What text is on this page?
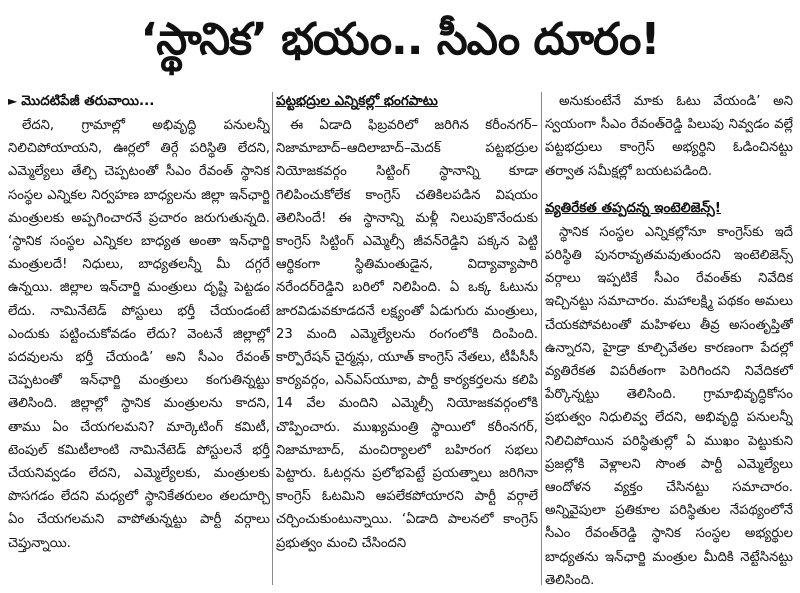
‘స్థానిక’ భయం.. సీఎం దూరం!
► మొదటిపేజీ తరువాయి...

లేదని, గ్రామాల్లో అభివృద్ధి పనులన్నీ నిలిచిపోయాయని, ఊర్లలో తిర్గే పరిస్థితి లేదని, ఎమ్మెల్యేలు తేల్చి చెప్పటంతో సీఎం రేవంత్ స్థానిక సంస్థల ఎన్నికల నిర్వహణ బాధ్యలను జిల్లా ఇన్‌ఛార్జి మంత్రులకు అప్పగించారనే ప్రచారం జరుగుతున్నది. ‘స్థానిక సంస్థల ఎన్నికల బాధ్యత అంతా ఇన్‌ఛార్జి మంత్రులదే! నిధులు, బాధ్యతలన్నీ మీ దగ్గరే ఉన్నయి. జిల్లాల ఇన్‌చార్జి మంత్రులు దృష్టి పెట్టడం లేదు. నామినేటెడ్ పోస్టులు భర్తీ చేయండంటే ఎందుకు పట్టించుకోవడం లేదు? వెంటనే జిల్లాల్లో పదవులను భర్తీ చేయండి’ అని సీఎం రేవంత్ చెప్పటంతో ఇన్‌ఛార్జి మంత్రులు కంగుతిన్నట్టు తెలిసింది. జిల్లాల్లో స్థానిక మంత్రులను కాదని, తాము ఏం చేయగలమని? మార్కెటింగ్ కమిటీ, టెంపుల్ కమిటీలాంటి నామినేటెడ్ పోస్టులనే భర్తీ చేయనివ్వడం లేదని, ఎమ్మెల్యేలకు, మంత్రులకు పొసగడం లేదని మధ్యలో స్థానికేతరులం తలదూర్చి ఏం చేయగలమని వాపోతున్నట్టు పార్టీ వర్గాలు చెప్తున్నాయి.

పట్టభద్రుల ఎన్నికల్లో భంగపాటు

ఈ ఏడాది ఫిబ్రవరిలో జరిగిన కరీంనగర్‌–నిజామాబాద్–ఆదిలాబాద్–మెదక్ పట్టభద్రుల నియోజకవర్గం సిట్టింగ్ స్థానాన్ని కూడా గెలిపించుకోలేక కాంగ్రెస్ చతికిలపడిన విషయం తెలిసిందే! ఈ స్థానాన్ని మళ్లీ నిలుపుకొనేందుకు కాంగ్రెస్ సిట్టింగ్ ఎమ్మెల్సీ జీవన్‌రెడ్డిని పక్కన పెట్టి ఆర్థికంగా స్థితిమంతుడైన, విద్యావ్యాపారి నరేందర్‌రెడ్డిని బరిలో నిలిపింది. ఏ ఒక్క ఓటును జారవిడువకూడదనే లక్ష్యంతో ఏడుగురు మంత్రులు, 23 మంది ఎమ్మెల్యేలను రంగంలోకి దింపింది. కార్పొరేషన్ చైర్మన్లు, యూత్ కాంగ్రెస్ నేతలు, టీపీసీసీ కార్యవర్గం, ఎన్‌ఎస్‌యూఐ, పార్టీ కార్యకర్తలను కలిపి 14 వేల మందిని ఎమ్మెల్సీ నియోజకవర్గంలోకి చొప్పించారు. ముఖ్యమంత్రి స్థాయిలో కరీంనగర్, నిజామాబాద్, మంచిర్యాలలో బహిరంగ సభలు పెట్టారు. ఓటర్లను ప్రలోభపెట్టే ప్రయత్నాలు జరిగినా కాంగ్రెస్ ఓటమిని ఆపలేకపోయారని పార్టీ వర్గాలే చర్చించుకుంటున్నాయి. ‘ఏడాది పాలనలో కాంగ్రెస్ ప్రభుత్వం మంచి చేసిందని

అనుకుంటేనే మాకు ఓటు వేయండి’ అని స్వయంగా సీఎం రేవంత్‌రెడ్డి పిలుపు నివ్వడం వల్లే పట్టభద్రులు కాంగ్రెస్ అభ్యర్థిని ఓడించినట్టు తర్వాత సమీక్షల్లో బయటపడింది.

వ్యతిరేకత తప్పదన్న ఇంటెలిజెన్స్!

స్థానిక సంస్థల ఎన్నికల్లోనూ కాంగ్రెస్‌కు ఇదే పరిస్థితి పునరావృతమవుతుందని ఇంటెలిజెన్స్ వర్గాలు ఇప్పటికే సీఎం రేవంత్‌కు నివేదిక ఇచ్చినట్టు సమాచారం. మహాలక్ష్మి పథకం అమలు చేయకపోవటంతో మహిళలు తీవ్ర అసంతృప్తితో ఉన్నారని, హైడ్రా కూల్చివేతల కారణంగా పేదల్లో వ్యతిరేకత విపరీతంగా పెరిగిందని నివేదికలో పేర్కొన్నట్టు తెలిసింది. గ్రామాభివృద్ధికోసం ప్రభుత్వం నిధులివ్వ లేదని, అభివృద్ధి పనులన్నీ నిలిచిపోయిన పరిస్థితుల్లో ఏ ముఖం పెట్టుకుని ప్రజల్లోకి వెళ్లాలని సొంత పార్టీ ఎమ్మెల్యేలు ఆందోళన వ్యక్తం చేసినట్టు సమాచారం. అన్నివైపులా ప్రతికూల పరిస్థితుల నేపథ్యంలోనే సీఎం రేవంత్‌రెడ్డి స్థానిక సంస్థల అభ్యర్థుల బాధ్యతను ఇన్‌ఛార్జి మంత్రుల మీదికి నెట్టేసినట్టు తెలిసింది.
